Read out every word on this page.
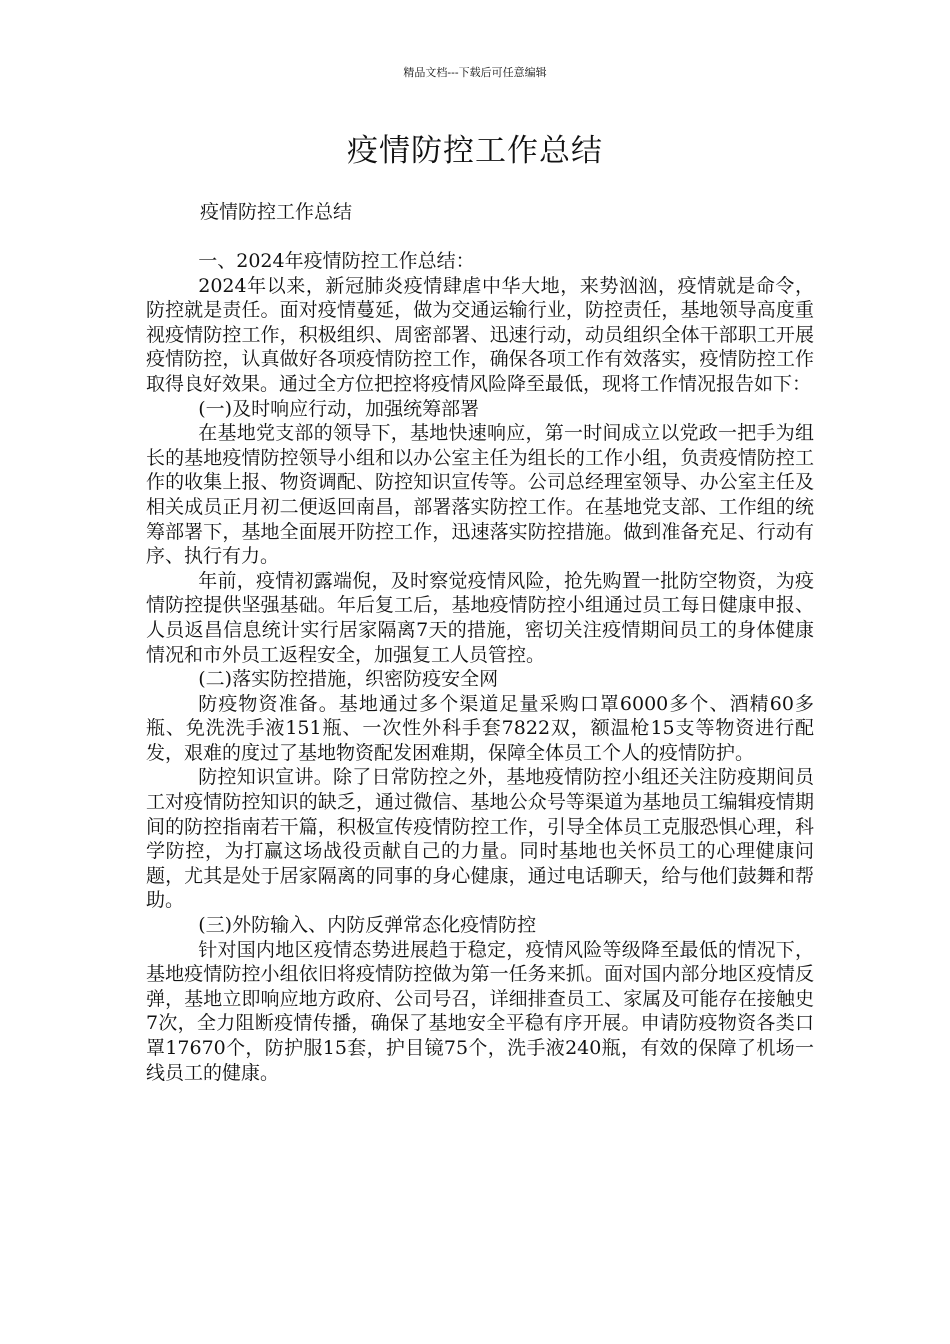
精品文档---下载后可任意编辑
疫情防控工作总结
疫情防控工作总结

一、2024年疫情防控工作总结：

2024年以来，新冠肺炎疫情肆虐中华大地，来势汹汹，疫情就是命令，防控就是责任。面对疫情蔓延，做为交通运输行业，防控责任，基地领导高度重视疫情防控工作，积极组织、周密部署、迅速行动，动员组织全体干部职工开展疫情防控，认真做好各项疫情防控工作，确保各项工作有效落实，疫情防控工作取得良好效果。通过全方位把控将疫情风险降至最低，现将工作情况报告如下：

(一)及时响应行动，加强统筹部署

在基地党支部的领导下，基地快速响应，第一时间成立以党政一把手为组长的基地疫情防控领导小组和以办公室主任为组长的工作小组，负责疫情防控工作的收集上报、物资调配、防控知识宣传等。公司总经理室领导、办公室主任及相关成员正月初二便返回南昌，部署落实防控工作。在基地党支部、工作组的统筹部署下，基地全面展开防控工作，迅速落实防控措施。做到准备充足、行动有序、执行有力。

年前，疫情初露端倪，及时察觉疫情风险，抢先购置一批防空物资，为疫情防控提供坚强基础。年后复工后，基地疫情防控小组通过员工每日健康申报、人员返昌信息统计实行居家隔离7天的措施，密切关注疫情期间员工的身体健康情况和市外员工返程安全，加强复工人员管控。

(二)落实防控措施，织密防疫安全网

防疫物资准备。基地通过多个渠道足量采购口罩6000多个、酒精60多瓶、免洗洗手液151瓶、一次性外科手套7822双，额温枪15支等物资进行配发，艰难的度过了基地物资配发困难期，保障全体员工个人的疫情防护。

防控知识宣讲。除了日常防控之外，基地疫情防控小组还关注防疫期间员工对疫情防控知识的缺乏，通过微信、基地公众号等渠道为基地员工编辑疫情期间的防控指南若干篇，积极宣传疫情防控工作，引导全体员工克服恐惧心理，科学防控，为打赢这场战役贡献自己的力量。同时基地也关怀员工的心理健康问题，尤其是处于居家隔离的同事的身心健康，通过电话聊天，给与他们鼓舞和帮助。

(三)外防输入、内防反弹常态化疫情防控

针对国内地区疫情态势进展趋于稳定，疫情风险等级降至最低的情况下，基地疫情防控小组依旧将疫情防控做为第一任务来抓。面对国内部分地区疫情反弹，基地立即响应地方政府、公司号召，详细排查员工、家属及可能存在接触史7次，全力阻断疫情传播，确保了基地安全平稳有序开展。申请防疫物资各类口罩17670个，防护服15套，护目镜75个，洗手液240瓶，有效的保障了机场一线员工的健康。
